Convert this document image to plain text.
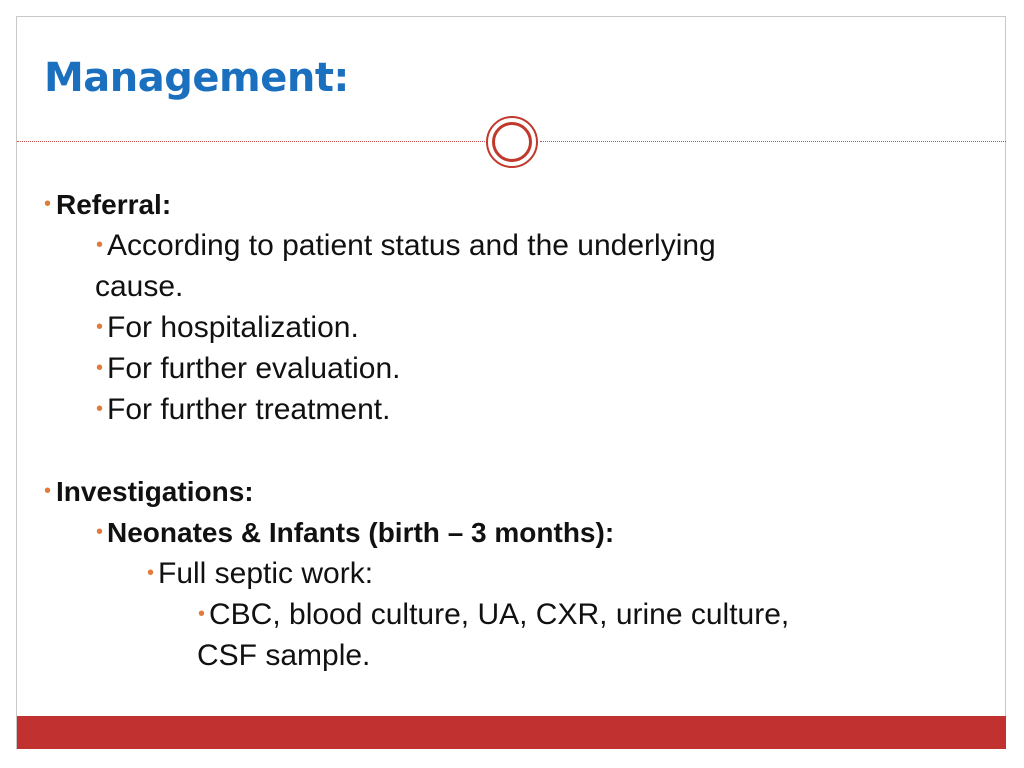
Management:
• Referral:
• According to patient status and the underlying
cause.
• For hospitalization.
• For further evaluation.
• For further treatment.
• Investigations:
• Neonates & Infants (birth – 3 months):
• Full septic work:
• CBC, blood culture, UA, CXR, urine culture,
CSF sample.
